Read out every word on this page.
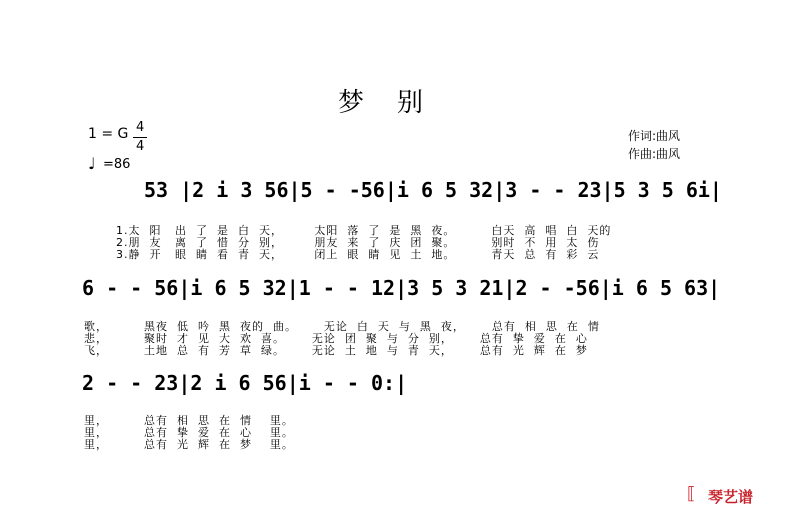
梦    别
1 = G 4
4
♩ =86
作词:曲风
作曲:曲风
53 |2 i 3 56|5 - -56|i 6 5 32|3 - - 23|5 3 5 6i|
1.太  阳   出  了  是  白  天，       太阳  落  了  是  黑  夜。        白天  高  唱  白  天的
2.朋  友   离  了  惜  分  别，       朋友  来  了  庆  团  聚。        别时  不  用  太  伤
3.静  开   眼  睛  看  青  天，       闭上  眼  睛  见  土  地。        青天  总  有  彩  云
6 - - 56|i 6 5 32|1 - - 12|3 5 3 21|2 - -56|i 6 5 63|
歌，        黑夜  低  吟  黑  夜的  曲。      无论  白  天  与  黑  夜，      总有  相  思  在  情
悲，        聚时  才  见  大  欢  喜。      无论  团  聚  与  分  别，      总有  挚  爱  在  心
飞，        土地  总  有  芳  草  绿。      无论  土  地  与  青  天，      总有  光  辉  在  梦
2 - - 23|2 i 6 56|i - - 0:|
里，        总有  相  思  在  情    里。
里，        总有  挚  爱  在  心    里。
里，        总有  光  辉  在  梦    里。
⟦ 琴艺谱
